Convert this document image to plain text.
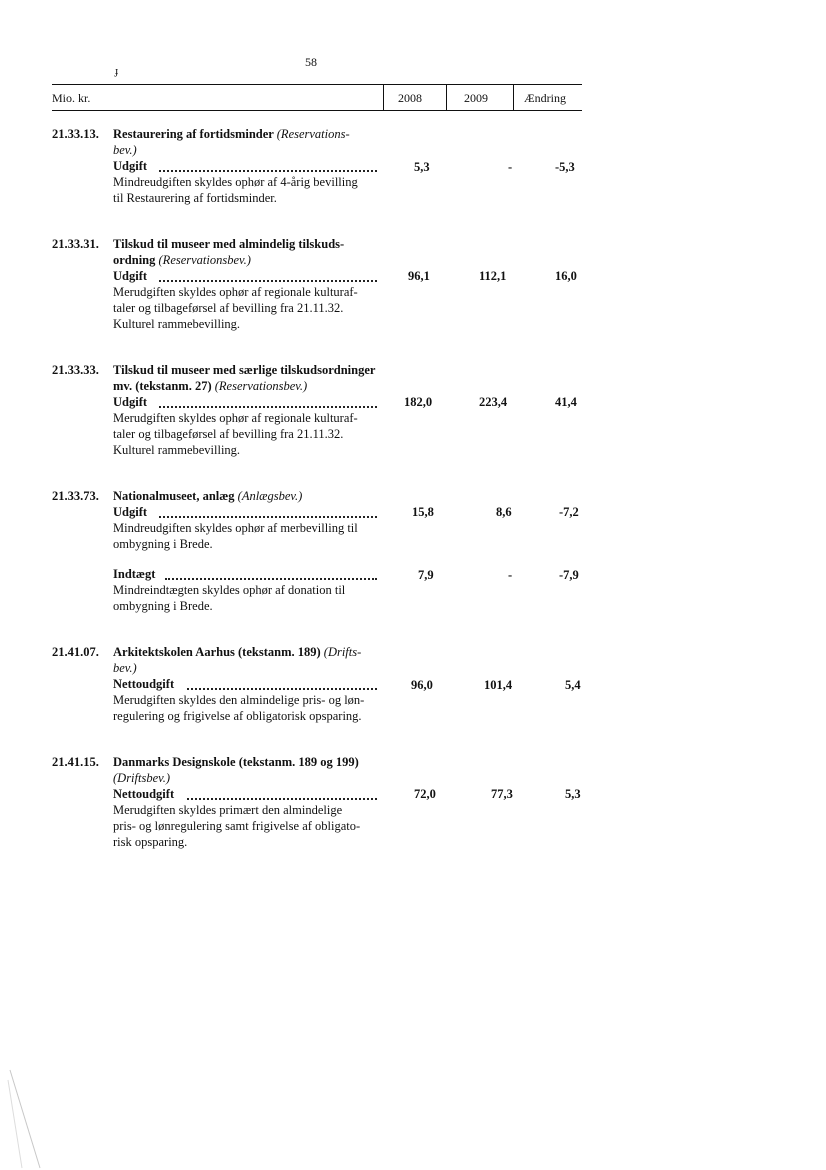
58
ɟ
Mio. kr.	2008	2009	Ændring
21.33.13. Restaurering af fortidsminder (Reservations-
bev.)
Udgift	5,3	-	-5,3
Mindreudgiften skyldes ophør af 4-årig bevilling
til Restaurering af fortidsminder.
21.33.31. Tilskud til museer med almindelig tilskuds-
ordning (Reservationsbev.)
Udgift	96,1	112,1	16,0
Merudgiften skyldes ophør af regionale kulturaf-
taler og tilbageførsel af bevilling fra 21.11.32.
Kulturel rammebevilling.
21.33.33. Tilskud til museer med særlige tilskudsordninger
mv. (tekstanm. 27) (Reservationsbev.)
Udgift	182,0	223,4	41,4
Merudgiften skyldes ophør af regionale kulturaf-
taler og tilbageførsel af bevilling fra 21.11.32.
Kulturel rammebevilling.
21.33.73. Nationalmuseet, anlæg (Anlægsbev.)
Udgift	15,8	8,6	-7,2
Mindreudgiften skyldes ophør af merbevilling til
ombygning i Brede.
Indtægt	7,9	-	-7,9
Mindreindtægten skyldes ophør af donation til
ombygning i Brede.
21.41.07. Arkitektskolen Aarhus (tekstanm. 189) (Drifts-
bev.)
Nettoudgift	96,0	101,4	5,4
Merudgiften skyldes den almindelige pris- og løn-
regulering og frigivelse af obligatorisk opsparing.
21.41.15. Danmarks Designskole (tekstanm. 189 og 199)
(Driftsbev.)
Nettoudgift	72,0	77,3	5,3
Merudgiften skyldes primært den almindelige
pris- og lønregulering samt frigivelse af obligato-
risk opsparing.
